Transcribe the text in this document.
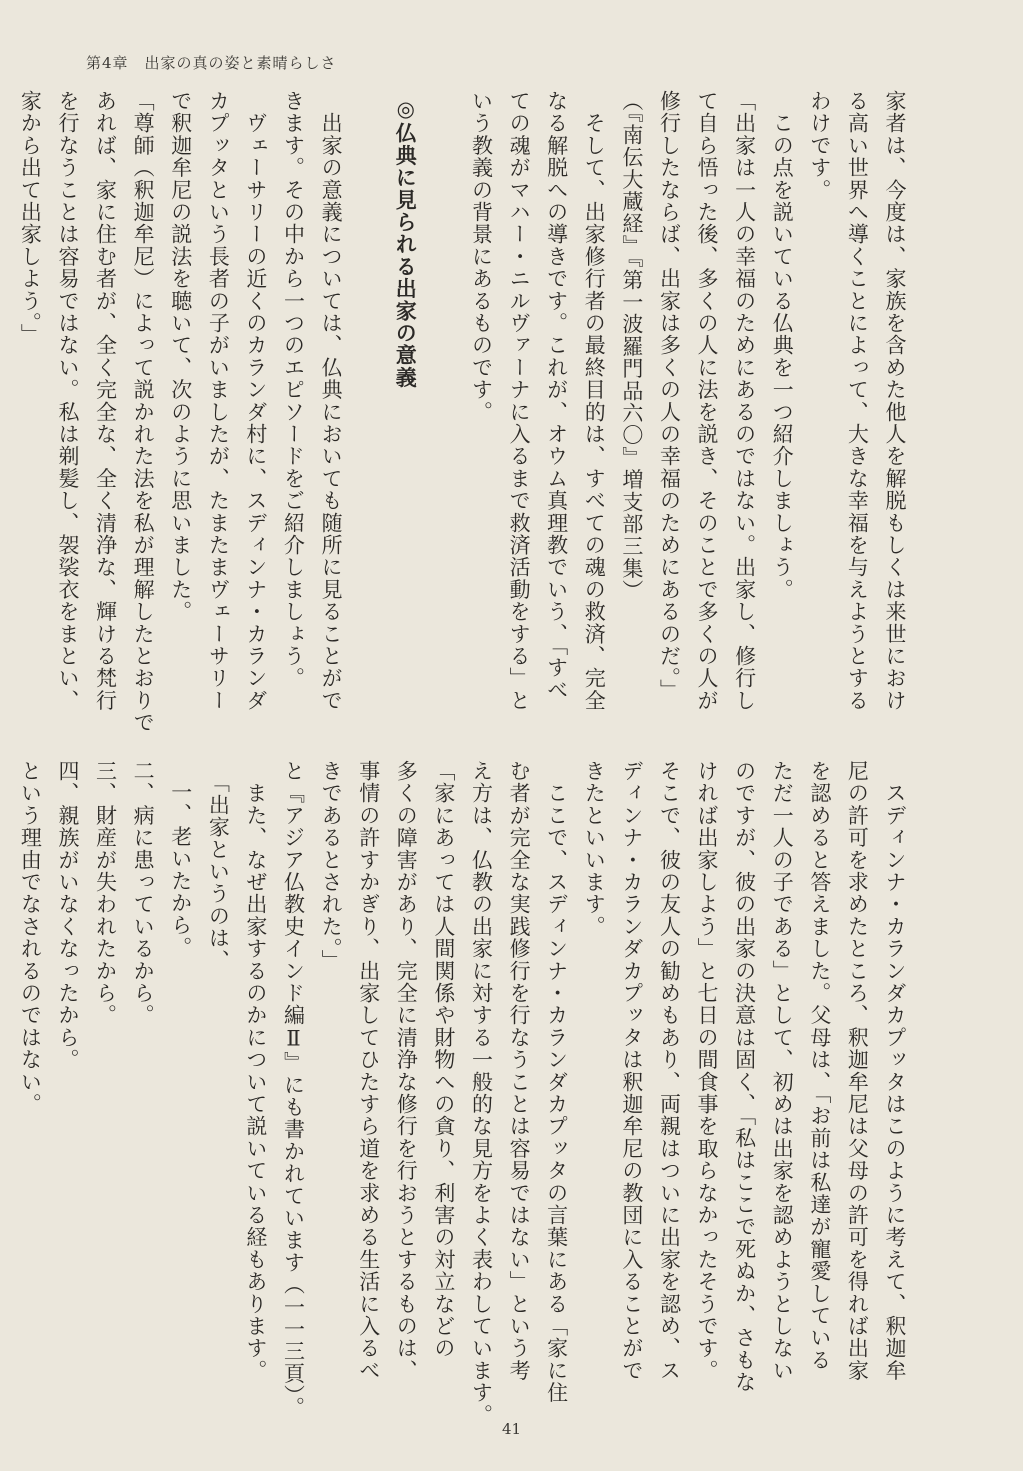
第4章　出家の真の姿と素晴らしさ
家者は、今度は、家族を含めた他人を解脱もしくは来世におけ
る高い世界へ導くことによって、大きな幸福を与えようとする
わけです。
　この点を説いている仏典を一つ紹介しましょう。
「出家は一人の幸福のためにあるのではない。出家し、修行し
て自ら悟った後、多くの人に法を説き、そのことで多くの人が
修行したならば、出家は多くの人の幸福のためにあるのだ。」
（『南伝大蔵経』『第一波羅門品六〇』増支部三集）
　そして、出家修行者の最終目的は、すべての魂の救済、完全
なる解脱への導きです。これが、オウム真理教でいう、「すべ
ての魂がマハー・ニルヴァーナに入るまで救済活動をする」と
いう教義の背景にあるものです。
◎仏典に見られる出家の意義
　出家の意義については、仏典においても随所に見ることがで
きます。その中から一つのエピソードをご紹介しましょう。
　ヴェーサリーの近くのカランダ村に、スディンナ・カランダ
カプッタという長者の子がいましたが、たまたまヴェーサリー
で釈迦牟尼の説法を聴いて、次のように思いました。
「尊師（釈迦牟尼）によって説かれた法を私が理解したとおりで
あれば、家に住む者が、全く完全な、全く清浄な、輝ける梵行
を行なうことは容易ではない。私は剃髪し、袈裟衣をまとい、
家から出て出家しよう。」
　スディンナ・カランダカプッタはこのように考えて、釈迦牟
尼の許可を求めたところ、釈迦牟尼は父母の許可を得れば出家
を認めると答えました。父母は、「お前は私達が寵愛している
ただ一人の子である」として、初めは出家を認めようとしない
のですが、彼の出家の決意は固く、「私はここで死ぬか、さもな
ければ出家しよう」と七日の間食事を取らなかったそうです。
そこで、彼の友人の勧めもあり、両親はついに出家を認め、ス
ディンナ・カランダカプッタは釈迦牟尼の教団に入ることがで
きたといいます。
　ここで、スディンナ・カランダカプッタの言葉にある「家に住
む者が完全な実践修行を行なうことは容易ではない」という考
え方は、仏教の出家に対する一般的な見方をよく表わしています。
「家にあっては人間関係や財物への貪り、利害の対立などの
多くの障害があり、完全に清浄な修行を行おうとするものは、
事情の許すかぎり、出家してひたすら道を求める生活に入るべ
きであるとされた。」
と『アジア仏教史インド編Ⅱ』にも書かれています（一一三頁）。
　また、なぜ出家するのかについて説いている経もあります。
　「出家というのは、
一、老いたから。
二、病に患っているから。
三、財産が失われたから。
四、親族がいなくなったから。
という理由でなされるのではない。
41
